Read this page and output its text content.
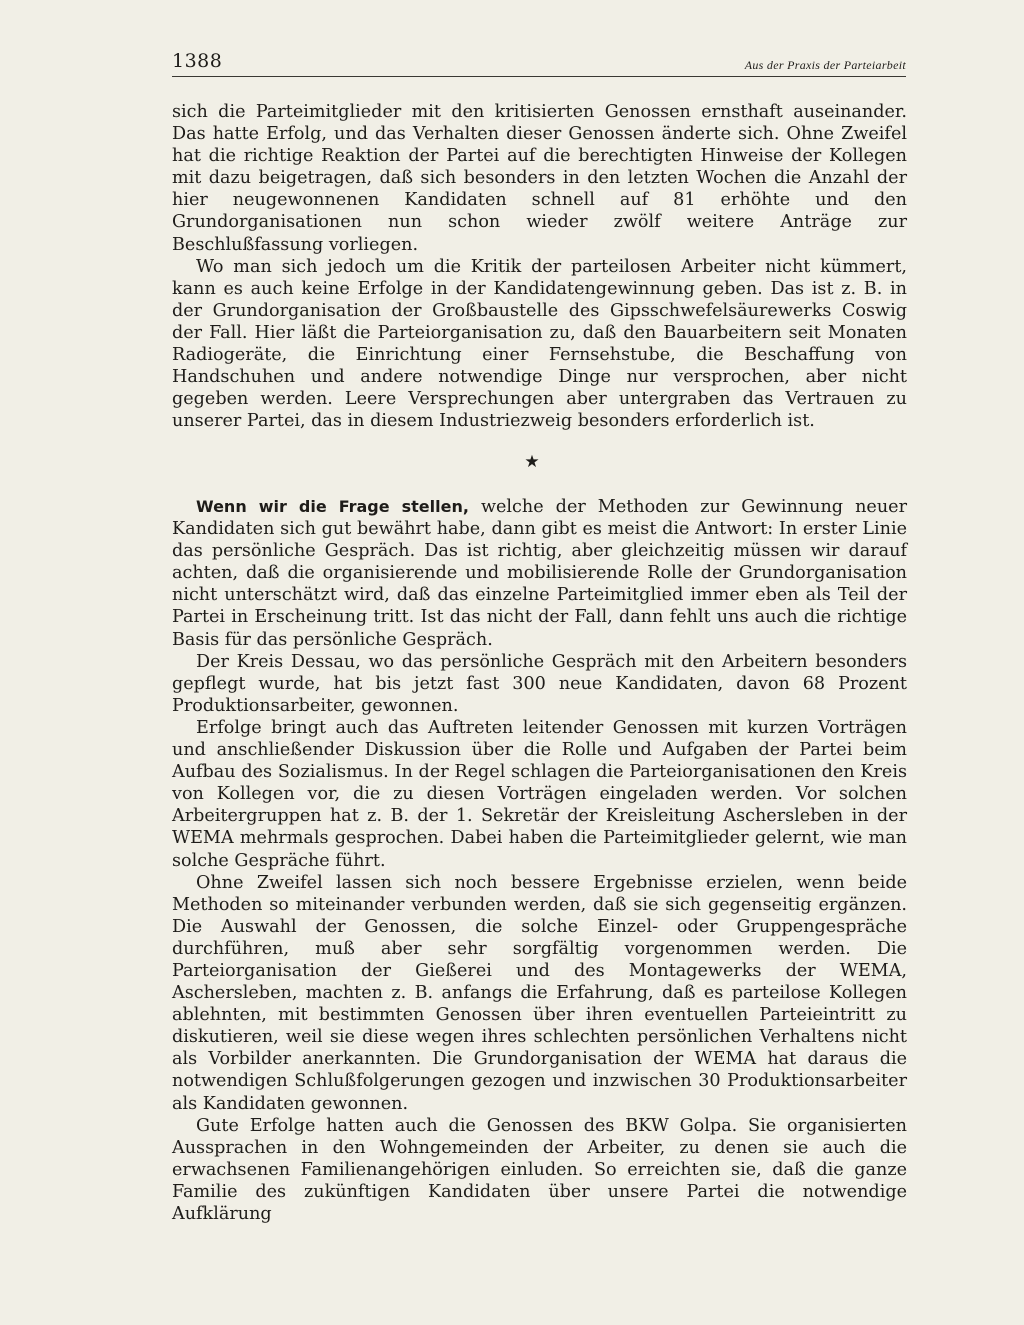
1388	Aus der Praxis der Parteiarbeit

sich die Parteimitglieder mit den kritisierten Genossen ernsthaft auseinander. Das hatte Erfolg, und das Verhalten dieser Genossen änderte sich. Ohne Zweifel hat die richtige Reaktion der Partei auf die berechtigten Hinweise der Kollegen mit dazu beigetragen, daß sich besonders in den letzten Wochen die Anzahl der hier neugewonnenen Kandidaten schnell auf 81 erhöhte und den Grundorganisationen nun schon wieder zwölf weitere Anträge zur Beschlußfassung vorliegen.

Wo man sich jedoch um die Kritik der parteilosen Arbeiter nicht kümmert, kann es auch keine Erfolge in der Kandidatengewinnung geben. Das ist z. B. in der Grundorganisation der Großbaustelle des Gipsschwefelsäurewerks Coswig der Fall. Hier läßt die Parteiorganisation zu, daß den Bauarbeitern seit Monaten Radiogeräte, die Einrichtung einer Fernsehstube, die Beschaffung von Handschuhen und andere notwendige Dinge nur versprochen, aber nicht gegeben werden. Leere Versprechungen aber untergraben das Vertrauen zu unserer Partei, das in diesem Industriezweig besonders erforderlich ist.

★

Wenn wir die Frage stellen, welche der Methoden zur Gewinnung neuer Kandidaten sich gut bewährt habe, dann gibt es meist die Antwort: In erster Linie das persönliche Gespräch. Das ist richtig, aber gleichzeitig müssen wir darauf achten, daß die organisierende und mobilisierende Rolle der Grundorganisation nicht unterschätzt wird, daß das einzelne Parteimitglied immer eben als Teil der Partei in Erscheinung tritt. Ist das nicht der Fall, dann fehlt uns auch die richtige Basis für das persönliche Gespräch.

Der Kreis Dessau, wo das persönliche Gespräch mit den Arbeitern besonders gepflegt wurde, hat bis jetzt fast 300 neue Kandidaten, davon 68 Prozent Produktionsarbeiter, gewonnen.

Erfolge bringt auch das Auftreten leitender Genossen mit kurzen Vorträgen und anschließender Diskussion über die Rolle und Aufgaben der Partei beim Aufbau des Sozialismus. In der Regel schlagen die Parteiorganisationen den Kreis von Kollegen vor, die zu diesen Vorträgen eingeladen werden. Vor solchen Arbeitergruppen hat z. B. der 1. Sekretär der Kreisleitung Aschersleben in der WEMA mehrmals gesprochen. Dabei haben die Parteimitglieder gelernt, wie man solche Gespräche führt.

Ohne Zweifel lassen sich noch bessere Ergebnisse erzielen, wenn beide Methoden so miteinander verbunden werden, daß sie sich gegenseitig ergänzen. Die Auswahl der Genossen, die solche Einzel- oder Gruppengespräche durchführen, muß aber sehr sorgfältig vorgenommen werden. Die Parteiorganisation der Gießerei und des Montagewerks der WEMA, Aschersleben, machten z. B. anfangs die Erfahrung, daß es parteilose Kollegen ablehnten, mit bestimmten Genossen über ihren eventuellen Parteieintritt zu diskutieren, weil sie diese wegen ihres schlechten persönlichen Verhaltens nicht als Vorbilder anerkannten. Die Grundorganisation der WEMA hat daraus die notwendigen Schlußfolgerungen gezogen und inzwischen 30 Produktionsarbeiter als Kandidaten gewonnen.

Gute Erfolge hatten auch die Genossen des BKW Golpa. Sie organisierten Aussprachen in den Wohngemeinden der Arbeiter, zu denen sie auch die erwachsenen Familienangehörigen einluden. So erreichten sie, daß die ganze Familie des zukünftigen Kandidaten über unsere Partei die notwendige Aufklärung
